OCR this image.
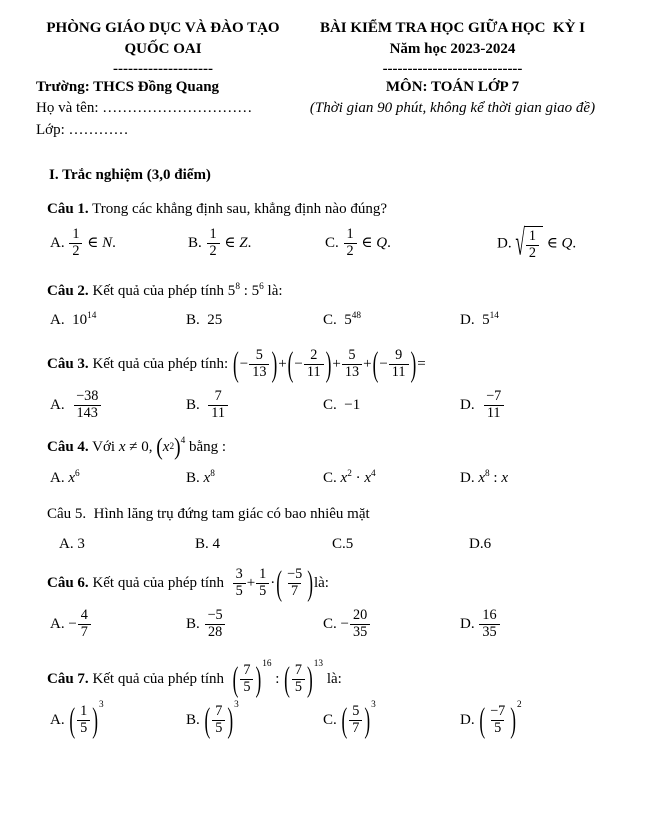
PHÒNG GIÁO DỤC VÀ ĐÀO TẠO
QUỐC OAI
--------------------
Trường: THCS Đồng Quang
Họ và tên: …………………………
Lớp: …………
BÀI KIỂM TRA HỌC GIỮA HỌC  KỲ I
Năm học 2023-2024
----------------------------
MÔN: TOÁN LỚP 7
(Thời gian 90 phút, không kể thời gian giao đề)
I. Trắc nghiệm (3,0 điểm)

Câu 1. Trong các khẳng định sau, khẳng định nào đúng?

A. $\frac{1}{2}$ ∈ N.	B. $\frac{1}{2}$ ∈ Z.	C. $\frac{1}{2}$ ∈ Q.	D. √ $\frac{1}{2}$ ∈ Q.

Câu 2. Kết quả của phép tính $5^8$ : $5^6$ là:

A.  $10^{14}$	B.  25	C.  $5^{48}$	D.  $5^{14}$

Câu 3. Kết quả của phép tính: ( − $\frac{5}{13}$ ) + ( − $\frac{2}{11}$ ) + $\frac{5}{13}$ + ( − $\frac{9}{11}$ ) =

A. $\frac{-38}{143}$	B. $\frac{7}{11}$	C.  −1	D. $\frac{-7}{11}$

Câu 4. Với x ≠ 0, ( x 2 )$^4$ bằng :

A. $x^6$	B. $x^8$	C. $x^2 \cdot x^4$	D. $x^8$ : x

Câu 5.  Hình lăng trụ đứng tam giác có bao nhiêu mặt

A. 3	B. 4	C.5	D.6

Câu 6. Kết quả của phép tính $\frac{3}{5} + \frac{1}{5}$ · ( $\frac{-5}{7}$ ) là:

A. − $\frac{4}{7}$	B. $\frac{-5}{28}$	C. − $\frac{20}{35}$	D. $\frac{16}{35}$

Câu 7. Kết quả của phép tính ( $\frac{7}{5} )^{16}$
: ( $\frac{7}{5} )^{13}$
là:

A. ( $\frac{1}{5} )^3$
B. ( $\frac{7}{5} )^3$
C. ( $\frac{5}{7} )^3$
D. ( $\frac{-7}{5} )^2$
